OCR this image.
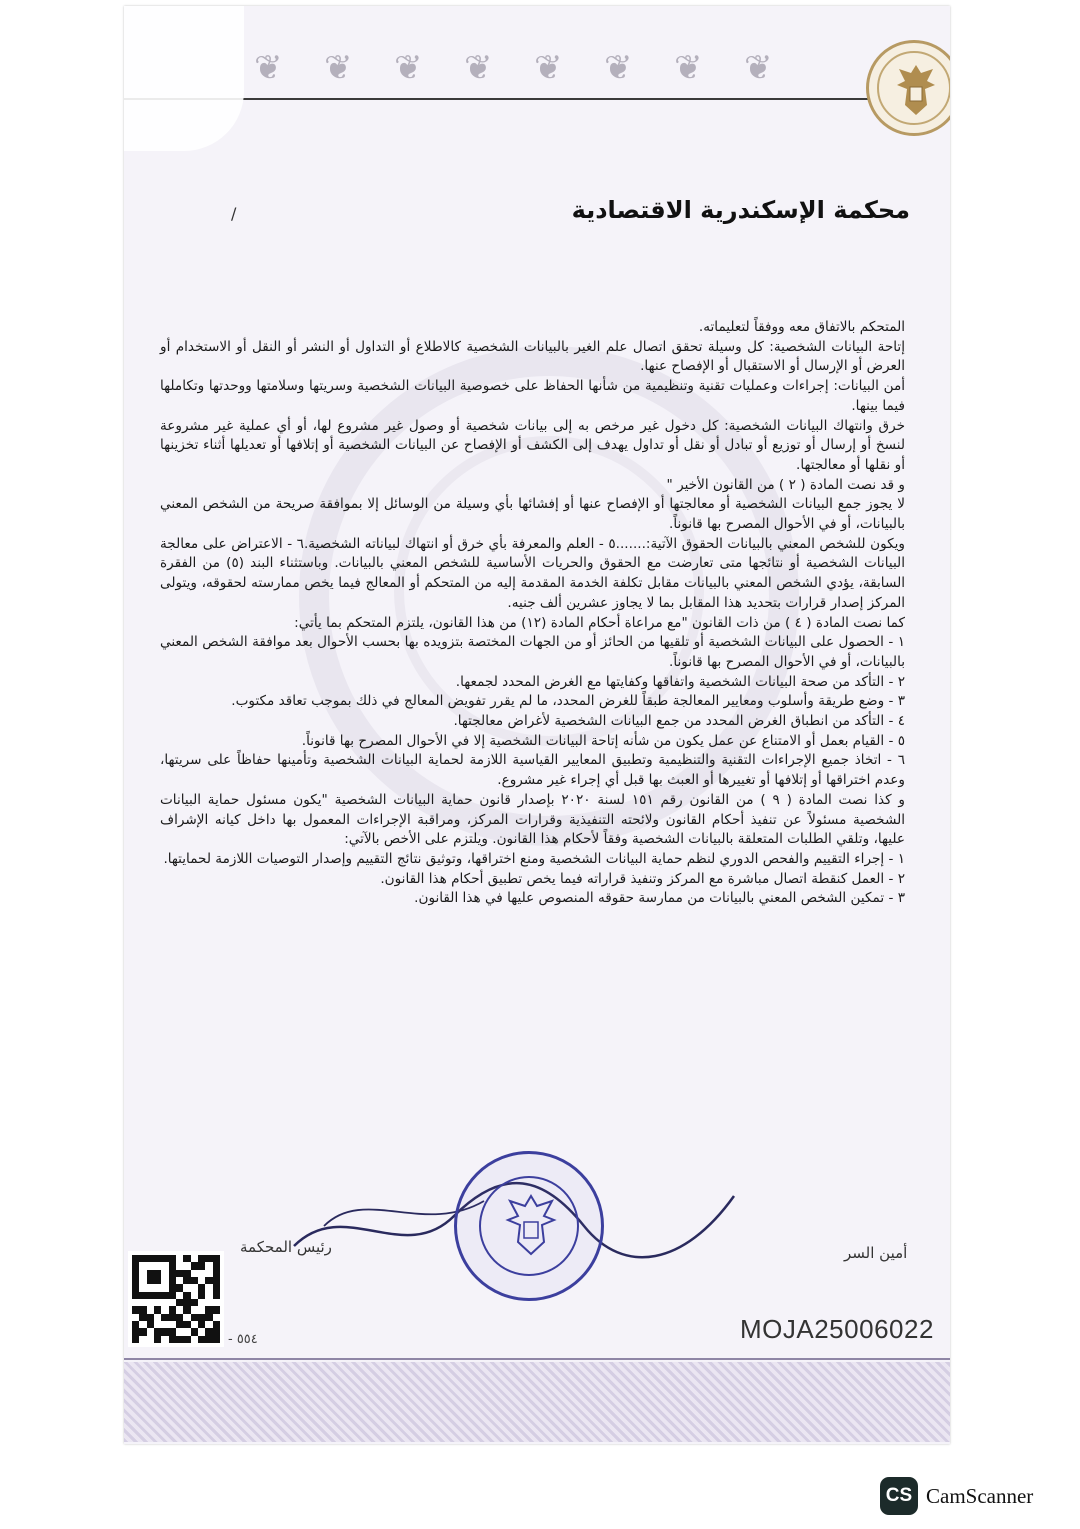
❦ ❦ ❦ ❦ ❦ ❦ ❦ ❦
محكمة الإسكندرية الاقتصادية
/

المتحكم بالاتفاق معه ووفقاً لتعليماته.

إتاحة البيانات الشخصية: كل وسيلة تحقق اتصال علم الغير بالبيانات الشخصية كالاطلاع أو التداول أو النشر أو النقل أو الاستخدام أو العرض أو الإرسال أو الاستقبال أو الإفصاح عنها.

أمن البيانات: إجراءات وعمليات تقنية وتنظيمية من شأنها الحفاظ على خصوصية البيانات الشخصية وسريتها وسلامتها ووحدتها وتكاملها فيما بينها.

خرق وانتهاك البيانات الشخصية: كل دخول غير مرخص به إلى بيانات شخصية أو وصول غير مشروع لها، أو أي عملية غير مشروعة لنسخ أو إرسال أو توزيع أو تبادل أو نقل أو تداول يهدف إلى الكشف أو الإفصاح عن البيانات الشخصية أو إتلافها أو تعديلها أثناء تخزينها أو نقلها أو معالجتها.

و قد نصت المادة ( ٢ ) من القانون الأخير "

لا يجوز جمع البيانات الشخصية أو معالجتها أو الإفصاح عنها أو إفشائها بأي وسيلة من الوسائل إلا بموافقة صريحة من الشخص المعني بالبيانات، أو في الأحوال المصرح بها قانوناً.

ويكون للشخص المعني بالبيانات الحقوق الآتية:.......٥ - العلم والمعرفة بأي خرق أو انتهاك لبياناته الشخصية.٦ - الاعتراض على معالجة البيانات الشخصية أو نتائجها متى تعارضت مع الحقوق والحريات الأساسية للشخص المعني بالبيانات. وباستثناء البند (٥) من الفقرة السابقة، يؤدي الشخص المعني بالبيانات مقابل تكلفة الخدمة المقدمة إليه من المتحكم أو المعالج فيما يخص ممارسته لحقوقه، ويتولى المركز إصدار قرارات بتحديد هذا المقابل بما لا يجاوز عشرين ألف جنيه.

كما نصت المادة ( ٤ ) من ذات القانون "مع مراعاة أحكام المادة (١٢) من هذا القانون، يلتزم المتحكم بما يأتي:

١ - الحصول على البيانات الشخصية أو تلقيها من الحائز أو من الجهات المختصة بتزويده بها بحسب الأحوال بعد موافقة الشخص المعني بالبيانات، أو في الأحوال المصرح بها قانوناً.

٢ - التأكد من صحة البيانات الشخصية واتفاقها وكفايتها مع الغرض المحدد لجمعها.

٣ - وضع طريقة وأسلوب ومعايير المعالجة طبقاً للغرض المحدد، ما لم يقرر تفويض المعالج في ذلك بموجب تعاقد مكتوب.

٤ - التأكد من انطباق الغرض المحدد من جمع البيانات الشخصية لأغراض معالجتها.

٥ - القيام بعمل أو الامتناع عن عمل يكون من شأنه إتاحة البيانات الشخصية إلا في الأحوال المصرح بها قانوناً.

٦ - اتخاذ جميع الإجراءات التقنية والتنظيمية وتطبيق المعايير القياسية اللازمة لحماية البيانات الشخصية وتأمينها حفاظاً على سريتها، وعدم اختراقها أو إتلافها أو تغييرها أو العبث بها قبل أي إجراء غير مشروع.

و كذا نصت المادة ( ٩ ) من القانون رقم ١٥١ لسنة ٢٠٢٠ بإصدار قانون حماية البيانات الشخصية "يكون مسئول حماية البيانات الشخصية مسئولاً عن تنفيذ أحكام القانون ولائحته التنفيذية وقرارات المركز، ومراقبة الإجراءات المعمول بها داخل كيانه الإشراف عليها، وتلقي الطلبات المتعلقة بالبيانات الشخصية وفقاً لأحكام هذا القانون. ويلتزم على الأخص بالآتي:

١ - إجراء التقييم والفحص الدوري لنظم حماية البيانات الشخصية ومنع اختراقها، وتوثيق نتائج التقييم وإصدار التوصيات اللازمة لحمايتها.

٢ - العمل كنقطة اتصال مباشرة مع المركز وتنفيذ قراراته فيما يخص تطبيق أحكام هذا القانون.

٣ - تمكين الشخص المعني بالبيانات من ممارسة حقوقه المنصوص عليها في هذا القانون.

رئيس المحكمة	أمين السر
- ٥٥٤	MOJA25006022
CS CamScanner
